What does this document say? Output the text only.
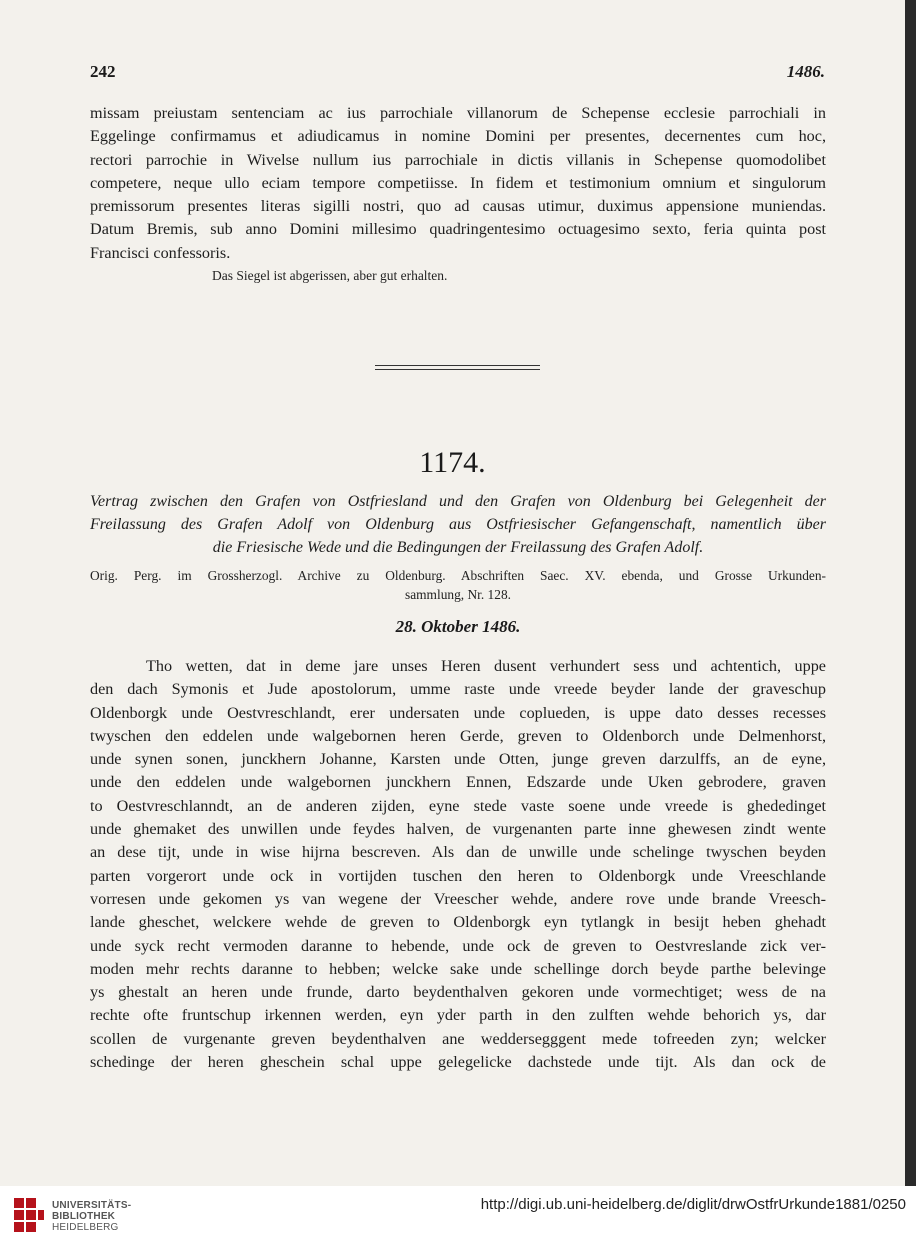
242	1486.
missam preiustam sentenciam ac ius parrochiale villanorum de Schepense ecclesie parrochiali in
Eggelinge confirmamus et adiudicamus in nomine Domini per presentes, decernentes cum hoc,
rectori parrochie in Wivelse nullum ius parrochiale in dictis villanis in Schepense quomodolibet
competere, neque ullo eciam tempore competiisse. In fidem et testimonium omnium et singulorum
premissorum presentes literas sigilli nostri, quo ad causas utimur, duximus appensione muniendas.
Datum Bremis, sub anno Domini millesimo quadringentesimo octuagesimo sexto, feria quinta post
Francisci confessoris.
Das Siegel ist abgerissen, aber gut erhalten.
1174.
Vertrag zwischen den Grafen von Ostfriesland und den Grafen von Oldenburg bei Gelegenheit der
Freilassung des Grafen Adolf von Oldenburg aus Ostfriesischer Gefangenschaft, namentlich über
die Friesische Wede und die Bedingungen der Freilassung des Grafen Adolf.
Orig. Perg. im Grossherzogl. Archive zu Oldenburg. Abschriften Saec. XV. ebenda, und Grosse Urkunden-
sammlung, Nr. 128.
28. Oktober 1486.
Tho wetten, dat in deme jare unses Heren dusent verhundert sess und achtentich, uppe
den dach Symonis et Jude apostolorum, umme raste unde vreede beyder lande der graveschup
Oldenborgk unde Oestvreschlandt, erer undersaten unde coplueden, is uppe dato desses recesses
twyschen den eddelen unde walgebornen heren Gerde, greven to Oldenborch unde Delmenhorst,
unde synen sonen, junckhern Johanne, Karsten unde Otten, junge greven darzulffs, an de eyne,
unde den eddelen unde walgebornen junckhern Ennen, Edszarde unde Uken gebrodere, graven
to Oestvreschlanndt, an de anderen zijden, eyne stede vaste soene unde vreede is ghededinget
unde ghemaket des unwillen unde feydes halven, de vurgenanten parte inne ghewesen zindt wente
an dese tijt, unde in wise hijrna bescreven. Als dan de unwille unde schelinge twyschen beyden
parten vorgerort unde ock in vortijden tuschen den heren to Oldenborgk unde Vreeschlande
vorresen unde gekomen ys van wegene der Vreescher wehde, andere rove unde brande Vreesch-
lande gheschet, welckere wehde de greven to Oldenborgk eyn tytlangk in besijt heben ghehadt
unde syck recht vermoden daranne to hebende, unde ock de greven to Oestvreslande zick ver-
moden mehr rechts daranne to hebben; welcke sake unde schellinge dorch beyde parthe belevinge
ys ghestalt an heren unde frunde, darto beydenthalven gekoren unde vormechtiget; wess de na
rechte ofte fruntschup irkennen werden, eyn yder parth in den zulften wehde behorich ys, dar
scollen de vurgenante greven beydenthalven ane weddersegggent mede tofreeden zyn; welcker
schedinge der heren gheschein schal uppe gelegelicke dachstede unde tijt. Als dan ock de
UNIVERSITÄTS-
BIBLIOTHEK
HEIDELBERG
http://digi.ub.uni-heidelberg.de/diglit/drwOstfrUrkunde1881/0250
